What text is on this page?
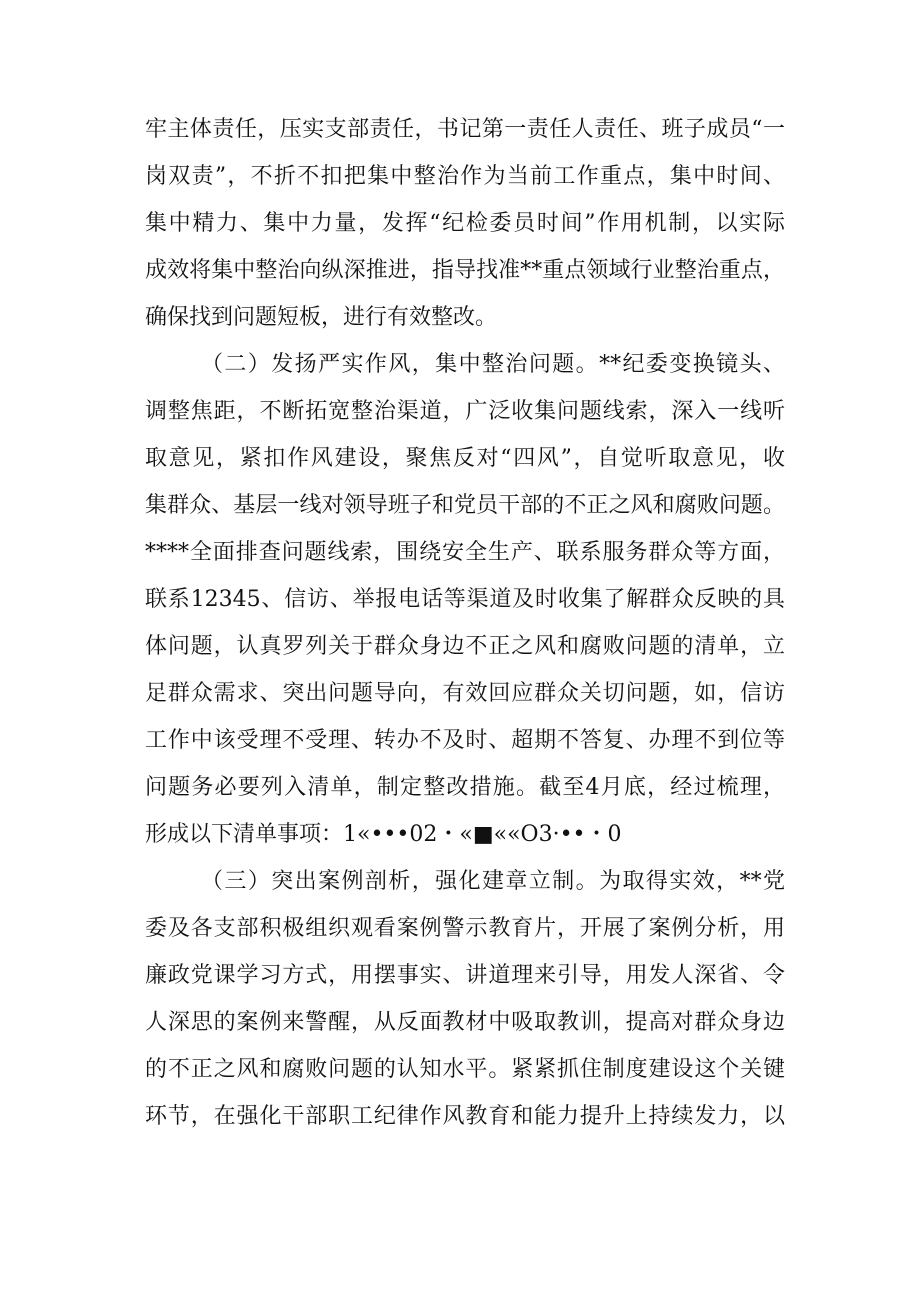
牢主体责任，压实支部责任，书记第一责任人责任、班子成员“一
岗双责”，不折不扣把集中整治作为当前工作重点，集中时间、
集中精力、集中力量，发挥“纪检委员时间”作用机制，以实际
成效将集中整治向纵深推进，指导找准**重点领域行业整治重点，
确保找到问题短板，进行有效整改。
（二）发扬严实作风，集中整治问题。**纪委变换镜头、
调整焦距，不断拓宽整治渠道，广泛收集问题线索，深入一线听
取意见，紧扣作风建设，聚焦反对“四风”，自觉听取意见，收
集群众、基层一线对领导班子和党员干部的不正之风和腐败问题。
****全面排查问题线索，围绕安全生产、联系服务群众等方面，
联系12345、信访、举报电话等渠道及时收集了解群众反映的具
体问题，认真罗列关于群众身边不正之风和腐败问题的清单，立
足群众需求、突出问题导向，有效回应群众关切问题，如，信访
工作中该受理不受理、转办不及时、超期不答复、办理不到位等
问题务必要列入清单，制定整改措施。截至4月底，经过梳理，
形成以下清单事项：1«•••02・«■««O3·••・0
（三）突出案例剖析，强化建章立制。为取得实效，**党
委及各支部积极组织观看案例警示教育片，开展了案例分析，用
廉政党课学习方式，用摆事实、讲道理来引导，用发人深省、令
人深思的案例来警醒，从反面教材中吸取教训，提高对群众身边
的不正之风和腐败问题的认知水平。紧紧抓住制度建设这个关键
环节，在强化干部职工纪律作风教育和能力提升上持续发力，以
